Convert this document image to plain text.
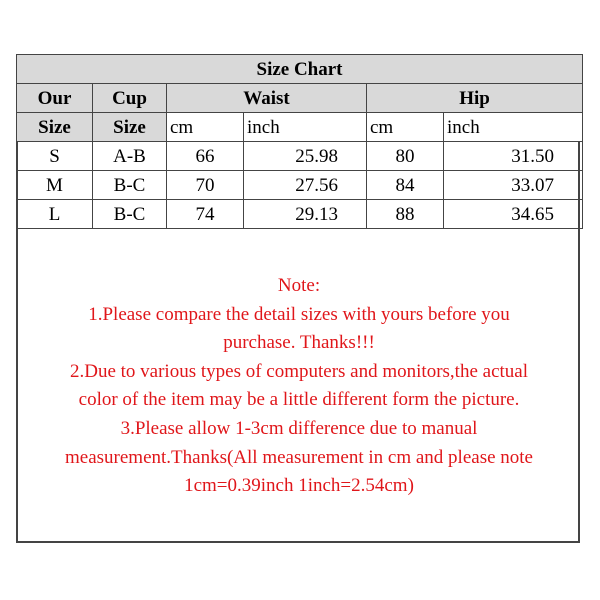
Size Chart					
Our	Cup	Waist		Hip	
Size	Size	cm	inch	cm	inch
S	A-B	66	25.98	80	31.50
M	B-C	70	27.56	84	33.07
L	B-C	74	29.13	88	34.65
Note:
1.Please compare the detail sizes with yours before you
purchase. Thanks!!!
2.Due to various types of computers and monitors,the actual
color of the item may be a little different form the picture.
3.Please allow 1-3cm difference due to manual
measurement.Thanks(All measurement in cm and please note
1cm=0.39inch 1inch=2.54cm)
